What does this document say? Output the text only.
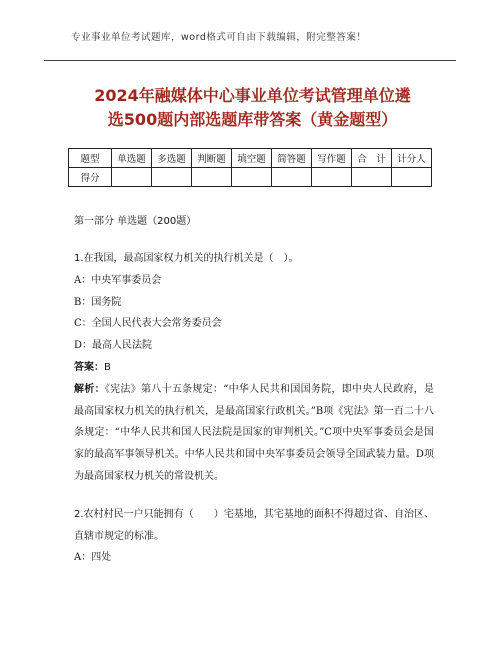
专业事业单位考试题库，word格式可自由下载编辑，附完整答案！
2024年融媒体中心事业单位考试管理单位遴
选500题内部选题库带答案（黄金题型）
题型	单选题	多选题	判断题	填空题	简答题	写作题	合　计	计分人
得分								
第一部分 单选题（200题）
1.在我国，最高国家权力机关的执行机关是（　）。
A：中央军事委员会
B：国务院
C：全国人民代表大会常务委员会
D：最高人民法院
答案：B

解析：《宪法》第八十五条规定：“中华人民共和国国务院，即中央人民政府，是最高国家权力机关的执行机关，是最高国家行政机关。”B项《宪法》第一百二十八条规定：“中华人民共和国人民法院是国家的审判机关。”C项中央军事委员会是国家的最高军事领导机关。中华人民共和国中央军事委员会领导全国武装力量。D项为最高国家权力机关的常设机关。

2.农村村民一户只能拥有（　　）宅基地，其宅基地的面积不得超过省、自治区、直辖市规定的标准。

A：四处
